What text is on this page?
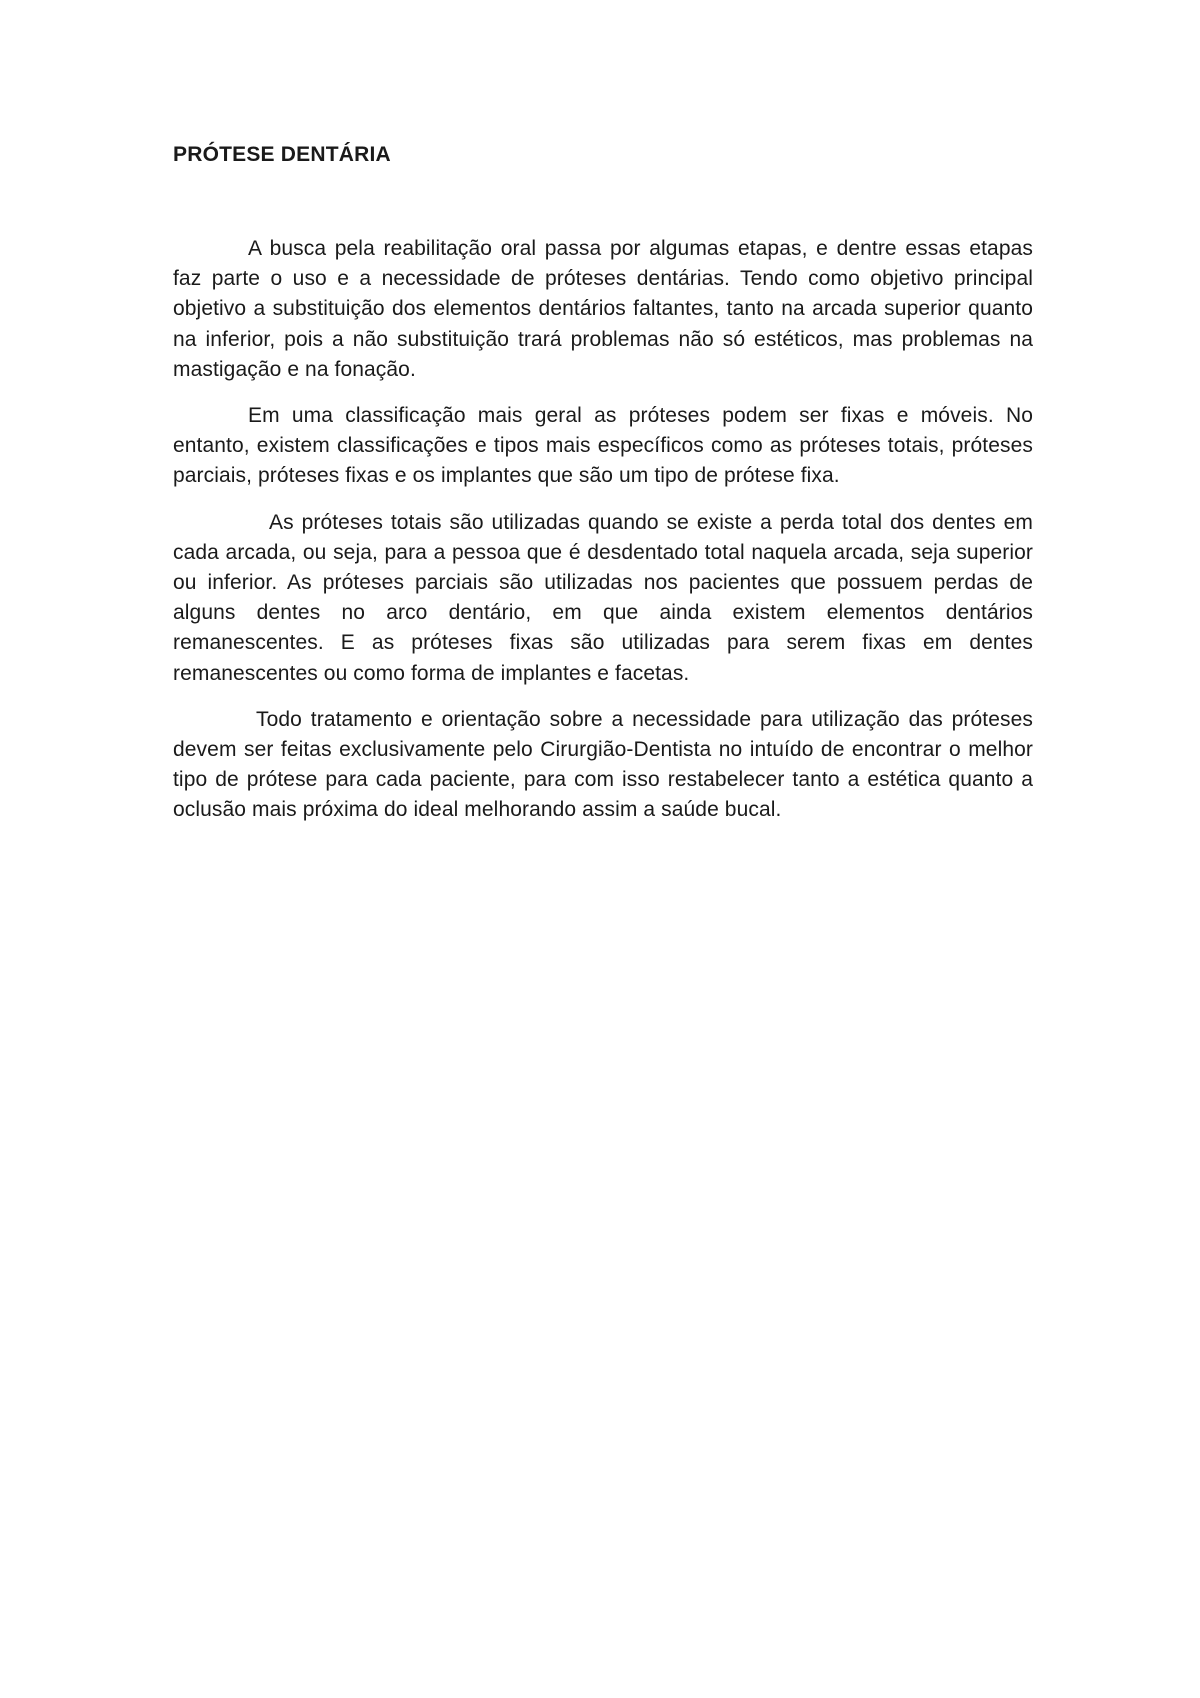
PRÓTESE DENTÁRIA

A busca pela reabilitação oral passa por algumas etapas, e dentre essas etapas faz parte o uso e a necessidade de próteses dentárias. Tendo como objetivo principal objetivo a substituição dos elementos dentários faltantes, tanto na arcada superior quanto na inferior, pois a não substituição trará problemas não só estéticos, mas problemas na mastigação e na fonação.

Em uma classificação mais geral as próteses podem ser fixas e móveis. No entanto, existem classificações e tipos mais específicos como as próteses totais, próteses parciais, próteses fixas e os implantes que são um tipo de prótese fixa.

As próteses totais são utilizadas quando se existe a perda total dos dentes em cada arcada, ou seja, para a pessoa que é desdentado total naquela arcada, seja superior ou inferior. As próteses parciais são utilizadas nos pacientes que possuem perdas de alguns dentes no arco dentário, em que ainda existem elementos dentários remanescentes. E as próteses fixas são utilizadas para serem fixas em dentes remanescentes ou como forma de implantes e facetas.

Todo tratamento e orientação sobre a necessidade para utilização das próteses devem ser feitas exclusivamente pelo Cirurgião-Dentista no intuído de encontrar o melhor tipo de prótese para cada paciente, para com isso restabelecer tanto a estética quanto a oclusão mais próxima do ideal melhorando assim a saúde bucal.
